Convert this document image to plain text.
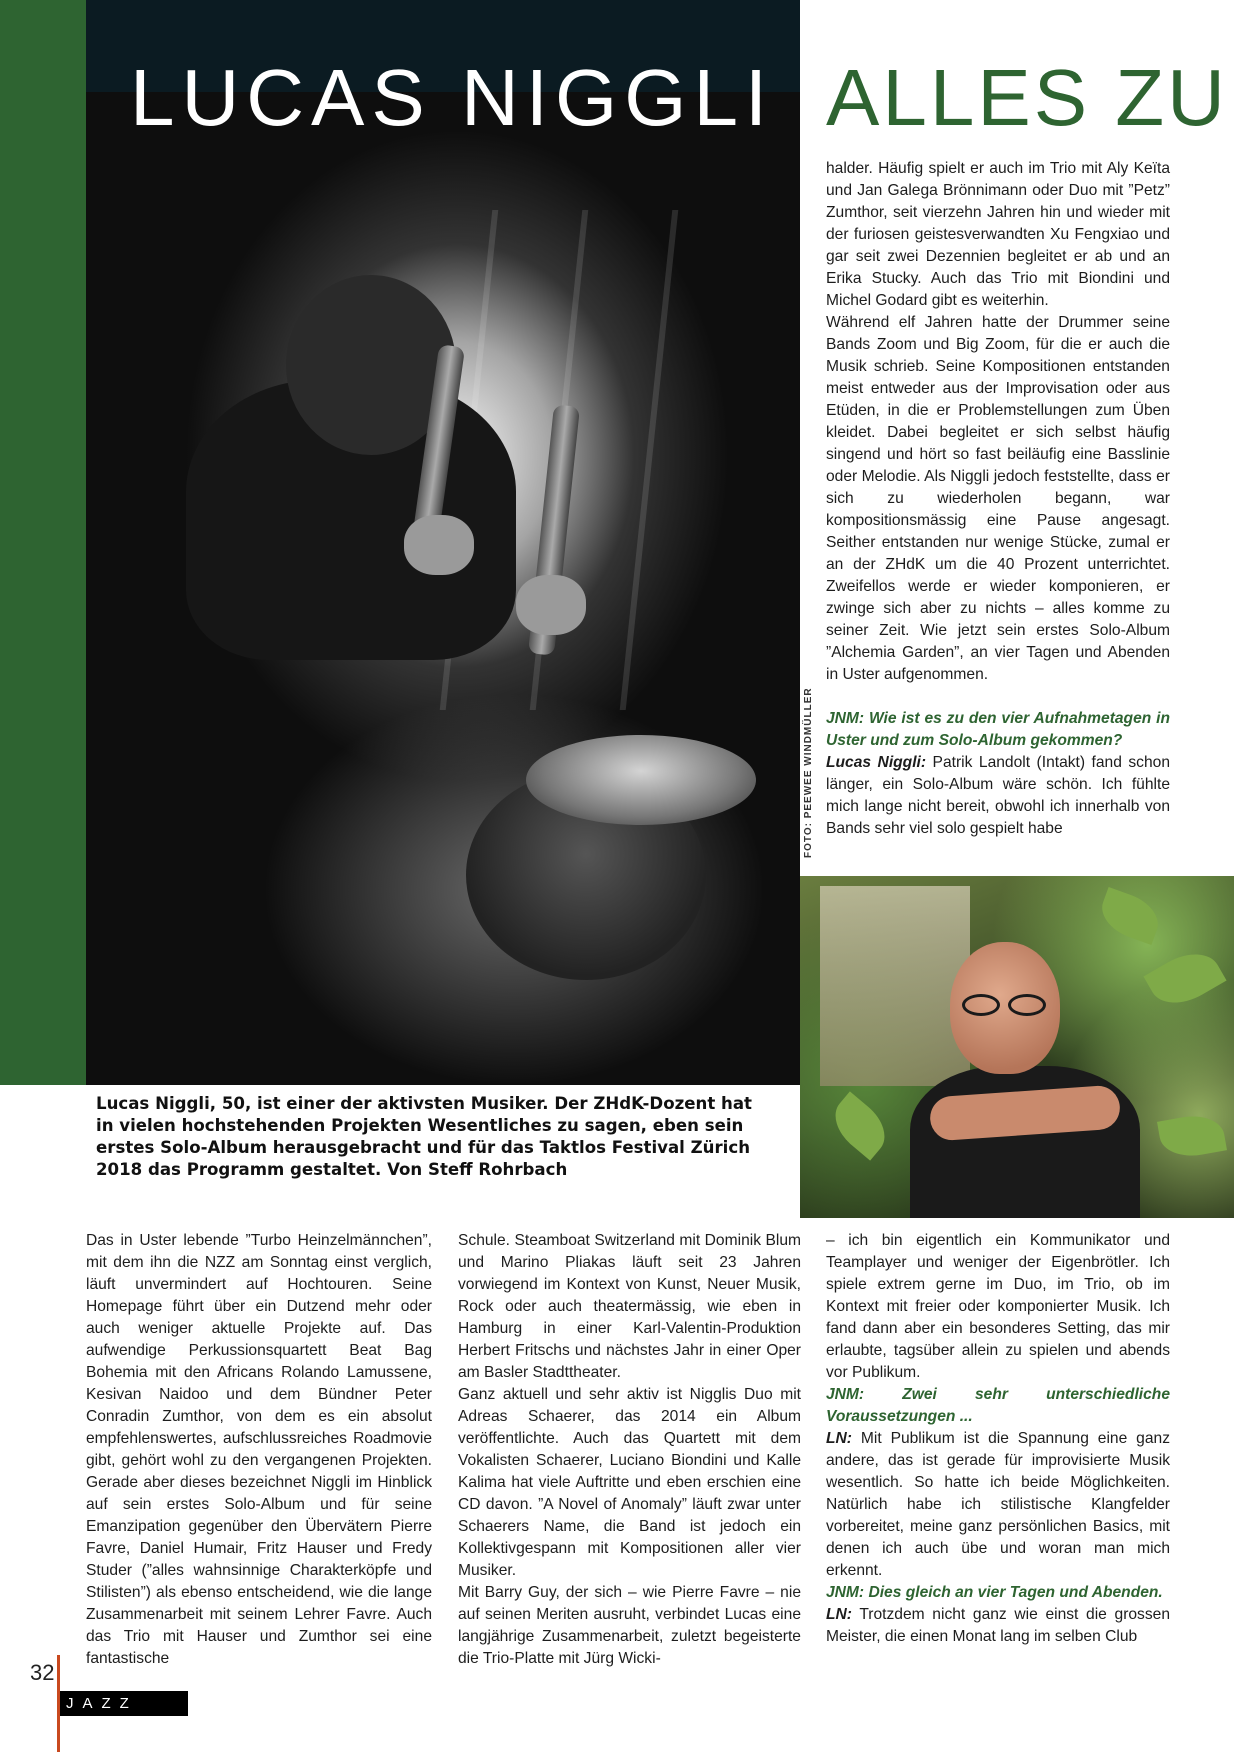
LUCAS NIGGLI ALLES ZU
FOTO: PEEWEE WINDMÜLLER

halder. Häufig spielt er auch im Trio mit Aly Keïta und Jan Galega Brönnimann oder Duo mit ”Petz” Zumthor, seit vierzehn Jahren hin und wieder mit der furiosen geistesverwandten Xu Fengxiao und gar seit zwei Dezennien begleitet er ab und an Erika Stucky. Auch das Trio mit Biondini und Michel Godard gibt es weiterhin.

Während elf Jahren hatte der Drummer seine Bands Zoom und Big Zoom, für die er auch die Musik schrieb. Seine Kompositionen entstanden meist entweder aus der Improvisation oder aus Etüden, in die er Problemstellungen zum Üben kleidet. Dabei begleitet er sich selbst häufig singend und hört so fast beiläufig eine Basslinie oder Melodie. Als Niggli jedoch feststellte, dass er sich zu wiederholen begann, war kompositionsmässig eine Pause angesagt. Seither entstanden nur wenige Stücke, zumal er an der ZHdK um die 40 Prozent unterrichtet. Zweifellos werde er wieder komponieren, er zwinge sich aber zu nichts – alles komme zu seiner Zeit. Wie jetzt sein erstes Solo-Album ”Alchemia Garden”, an vier Tagen und Abenden in Uster aufgenommen.

JNM: Wie ist es zu den vier Aufnahmetagen in Uster und zum Solo-Album gekommen?

Lucas Niggli: Patrik Landolt (Intakt) fand schon länger, ein Solo-Album wäre schön. Ich fühlte mich lange nicht bereit, obwohl ich innerhalb von Bands sehr viel solo gespielt habe

Lucas Niggli, 50, ist einer der aktivsten Musiker. Der ZHdK-Dozent hat in vielen hochstehenden Projekten Wesentliches zu sagen, eben sein erstes Solo-Album herausgebracht und für das Taktlos Festival Zürich 2018 das Programm gestaltet. Von Steff Rohrbach

Das in Uster lebende ”Turbo Heinzelmännchen”, mit dem ihn die NZZ am Sonntag einst verglich, läuft unvermindert auf Hochtouren. Seine Homepage führt über ein Dutzend mehr oder auch weniger aktuelle Projekte auf. Das aufwendige Perkussionsquartett Beat Bag Bohemia mit den Africans Rolando Lamussene, Kesivan Naidoo und dem Bündner Peter Conradin Zumthor, von dem es ein absolut empfehlenswertes, aufschlussreiches Roadmovie gibt, gehört wohl zu den vergangenen Projekten. Gerade aber dieses bezeichnet Niggli im Hinblick auf sein erstes Solo-Album und für seine Emanzipation gegenüber den Übervätern Pierre Favre, Daniel Humair, Fritz Hauser und Fredy Studer (”alles wahnsinnige Charakterköpfe und Stilisten”) als ebenso entscheidend, wie die lange Zusammenarbeit mit seinem Lehrer Favre. Auch das Trio mit Hauser und Zumthor sei eine fantastische

Schule. Steamboat Switzerland mit Dominik Blum und Marino Pliakas läuft seit 23 Jahren vorwiegend im Kontext von Kunst, Neuer Musik, Rock oder auch theatermässig, wie eben in Hamburg in einer Karl-Valentin-Produktion Herbert Fritschs und nächstes Jahr in einer Oper am Basler Stadttheater.

Ganz aktuell und sehr aktiv ist Nigglis Duo mit Adreas Schaerer, das 2014 ein Album veröffentlichte. Auch das Quartett mit dem Vokalisten Schaerer, Luciano Biondini und Kalle Kalima hat viele Auftritte und eben erschien eine CD davon. ”A Novel of Anomaly” läuft zwar unter Schaerers Name, die Band ist jedoch ein Kollektivgespann mit Kompositionen aller vier Musiker.

Mit Barry Guy, der sich – wie Pierre Favre – nie auf seinen Meriten ausruht, verbindet Lucas eine langjährige Zusammenarbeit, zuletzt begeisterte die Trio-Platte mit Jürg Wicki-

– ich bin eigentlich ein Kommunikator und Teamplayer und weniger der Eigenbrötler. Ich spiele extrem gerne im Duo, im Trio, ob im Kontext mit freier oder komponierter Musik. Ich fand dann aber ein besonderes Setting, das mir erlaubte, tagsüber allein zu spielen und abends vor Publikum.

JNM: Zwei sehr unterschiedliche Voraussetzungen ...

LN: Mit Publikum ist die Spannung eine ganz andere, das ist gerade für improvisierte Musik wesentlich. So hatte ich beide Möglichkeiten. Natürlich habe ich stilistische Klangfelder vorbereitet, meine ganz persönlichen Basics, mit denen ich auch übe und woran man mich erkennt.

JNM: Dies gleich an vier Tagen und Abenden.

LN: Trotzdem nicht ganz wie einst die grossen Meister, die einen Monat lang im selben Club

32
JAZZ
